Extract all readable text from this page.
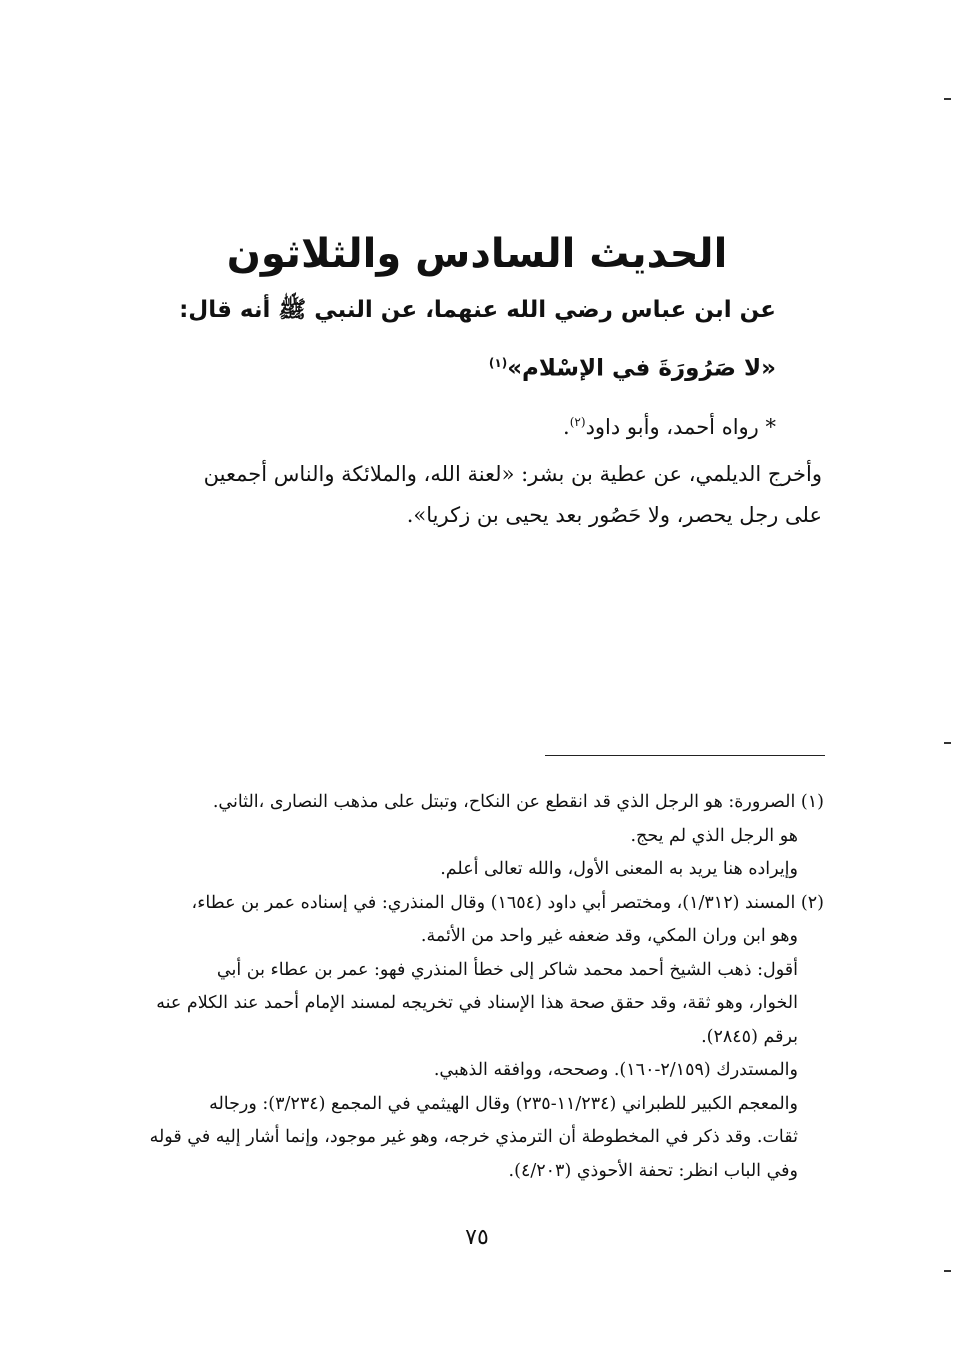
الحديث السادس والثلاثون
عن ابن عباس رضي الله عنهما، عن النبي ﷺ أنه قال:
«لا صَرُورَةَ في الإسْلام»$^{(١)}$
* رواه أحمد، وأبو داود$^{(٢)}$.

وأخرج الديلمي، عن عطية بن بشر: «لعنة الله، والملائكة والناس أجمعين

على رجل يحصر، ولا حَصُور بعد يحيى بن زكريا».

(١) الصرورة: هو الرجل الذي قد انقطع عن النكاح، وتبتل على مذهب النصارى ،الثاني.

هو الرجل الذي لم يحج.

وإيراده هنا يريد به المعنى الأول، والله تعالى أعلم.

(٢) المسند (١/٣١٢)، ومختصر أبي داود (١٦٥٤) وقال المنذري: في إسناده عمر بن عطاء،

وهو ابن وران المكي، وقد ضعفه غير واحد من الأئمة.

أقول: ذهب الشيخ أحمد محمد شاكر إلى خطأ المنذري فهو: عمر بن عطاء بن أبي

الخوار، وهو ثقة، وقد حقق صحة هذا الإسناد في تخريجه لمسند الإمام أحمد عند الكلام عنه

برقم (٢٨٤٥).

والمستدرك (٢/١٥٩-١٦٠). وصححه، ووافقه الذهبي.

والمعجم الكبير للطبراني (١١/٢٣٤-٢٣٥) وقال الهيثمي في المجمع (٣/٢٣٤): ورجاله

ثقات. وقد ذكر في المخطوطة أن الترمذي خرجه، وهو غير موجود، وإنما أشار إليه في قوله

وفي الباب انظر: تحفة الأحوذي (٤/٢٠٣).

٧٥
